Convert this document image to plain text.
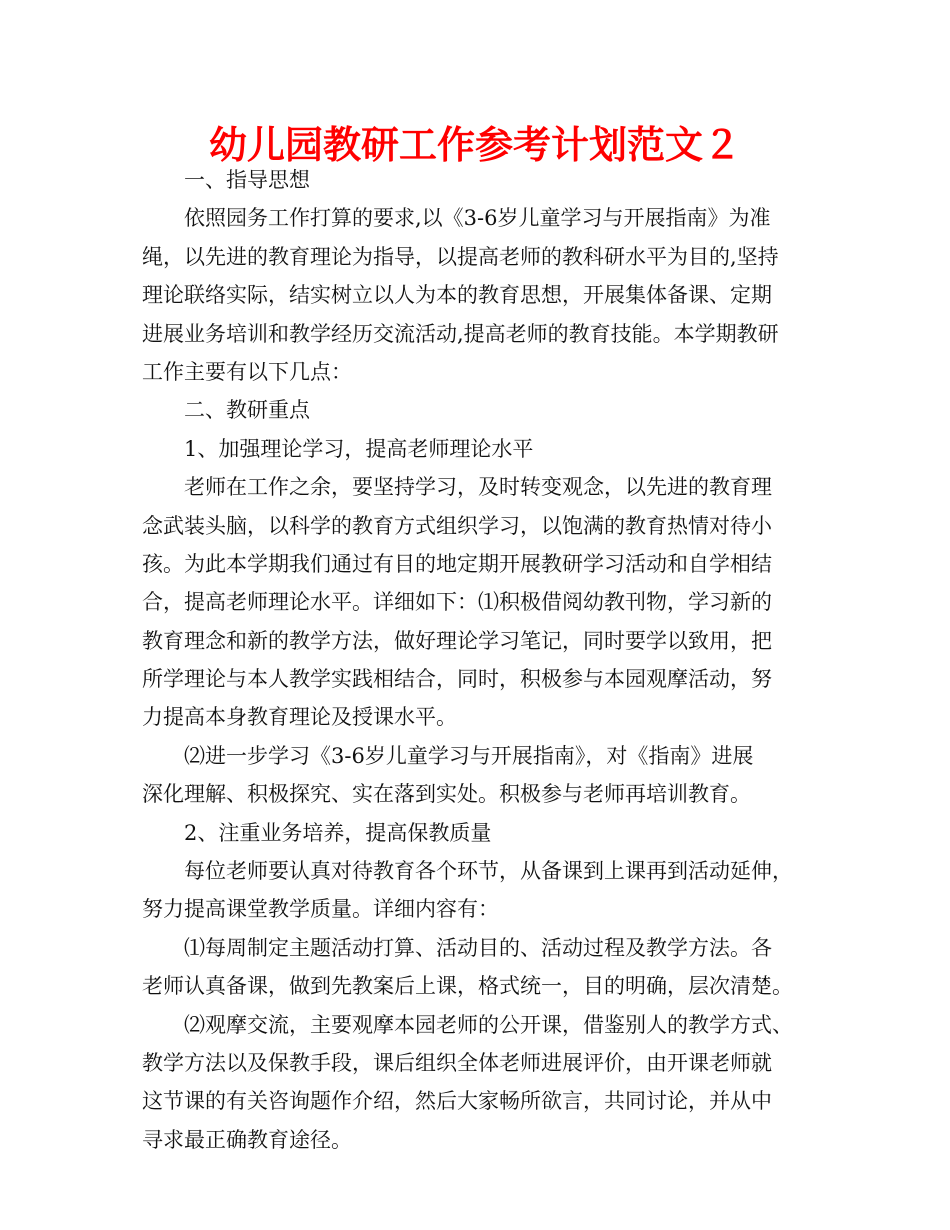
幼儿园教研工作参考计划范文２
一、指导思想
依照园务工作打算的要求,以《3-6岁儿童学习与开展指南》为准
绳，以先进的教育理论为指导，以提高老师的教科研水平为目的,坚持
理论联络实际，结实树立以人为本的教育思想，开展集体备课、定期
进展业务培训和教学经历交流活动,提高老师的教育技能。本学期教研
工作主要有以下几点：
二、教研重点
1、加强理论学习，提高老师理论水平
老师在工作之余，要坚持学习，及时转变观念，以先进的教育理
念武装头脑，以科学的教育方式组织学习，以饱满的教育热情对待小
孩。为此本学期我们通过有目的地定期开展教研学习活动和自学相结
合，提高老师理论水平。详细如下：⑴积极借阅幼教刊物，学习新的
教育理念和新的教学方法，做好理论学习笔记，同时要学以致用，把
所学理论与本人教学实践相结合，同时，积极参与本园观摩活动，努
力提高本身教育理论及授课水平。
⑵进一步学习《3-6岁儿童学习与开展指南》，对《指南》进展
深化理解、积极探究、实在落到实处。积极参与老师再培训教育。
2、注重业务培养，提高保教质量
每位老师要认真对待教育各个环节，从备课到上课再到活动延伸，
努力提高课堂教学质量。详细内容有：
⑴每周制定主题活动打算、活动目的、活动过程及教学方法。各
老师认真备课，做到先教案后上课，格式统一，目的明确，层次清楚。
⑵观摩交流，主要观摩本园老师的公开课，借鉴别人的教学方式、
教学方法以及保教手段，课后组织全体老师进展评价，由开课老师就
这节课的有关咨询题作介绍，然后大家畅所欲言，共同讨论，并从中
寻求最正确教育途径。
